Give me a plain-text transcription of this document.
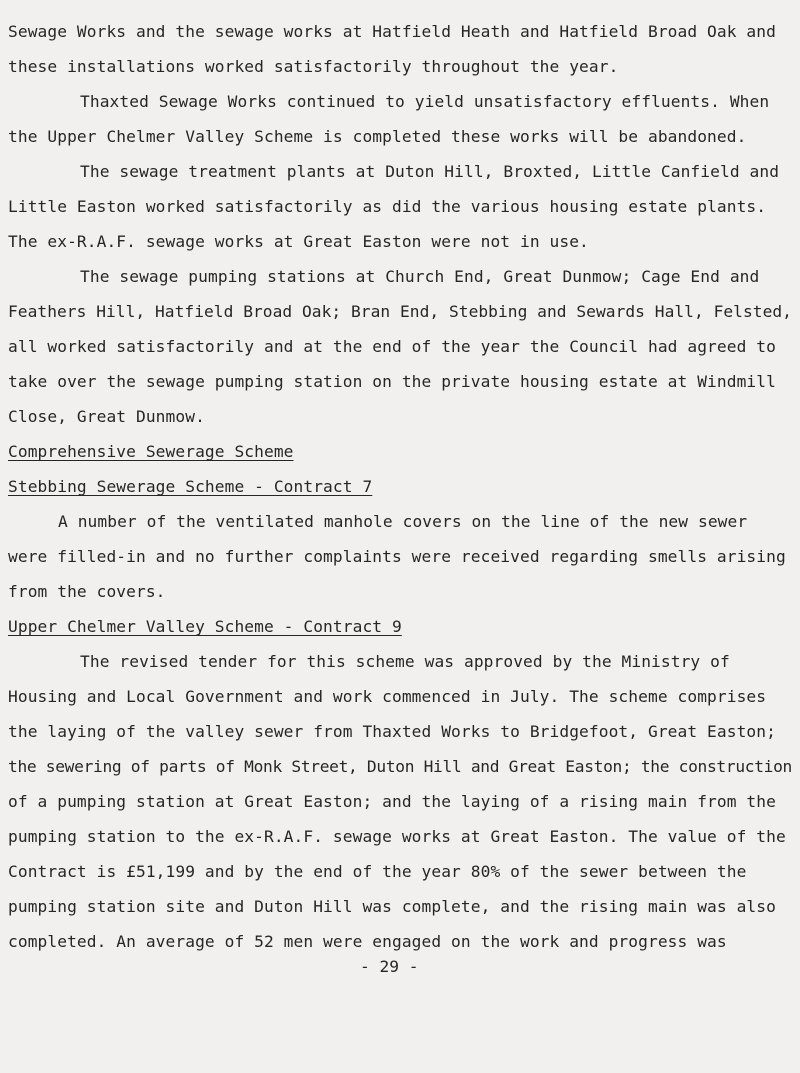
Sewage Works and the sewage works at Hatfield Heath and Hatfield Broad Oak and
these installations worked satisfactorily throughout the year.
Thaxted Sewage Works continued to yield unsatisfactory effluents. When
the Upper Chelmer Valley Scheme is completed these works will be abandoned.
The sewage treatment plants at Duton Hill, Broxted, Little Canfield and
Little Easton worked satisfactorily as did the various housing estate plants.
The ex-R.A.F. sewage works at Great Easton were not in use.
The sewage pumping stations at Church End, Great Dunmow; Cage End and
Feathers Hill, Hatfield Broad Oak; Bran End, Stebbing and Sewards Hall, Felsted,
all worked satisfactorily and at the end of the year the Council had agreed to
take over the sewage pumping station on the private housing estate at Windmill
Close, Great Dunmow.
Comprehensive Sewerage Scheme
Stebbing Sewerage Scheme - Contract 7
A number of the ventilated manhole covers on the line of the new sewer
were filled-in and no further complaints were received regarding smells arising
from the covers.
Upper Chelmer Valley Scheme - Contract 9
The revised tender for this scheme was approved by the Ministry of
Housing and Local Government and work commenced in July. The scheme comprises
the laying of the valley sewer from Thaxted Works to Bridgefoot, Great Easton;
the sewering of parts of Monk Street, Duton Hill and Great Easton; the construction
of a pumping station at Great Easton; and the laying of a rising main from the
pumping station to the ex-R.A.F. sewage works at Great Easton. The value of the
Contract is £51,199 and by the end of the year 80% of the sewer between the
pumping station site and Duton Hill was complete, and the rising main was also
completed. An average of 52 men were engaged on the work and progress was
- 29 -
